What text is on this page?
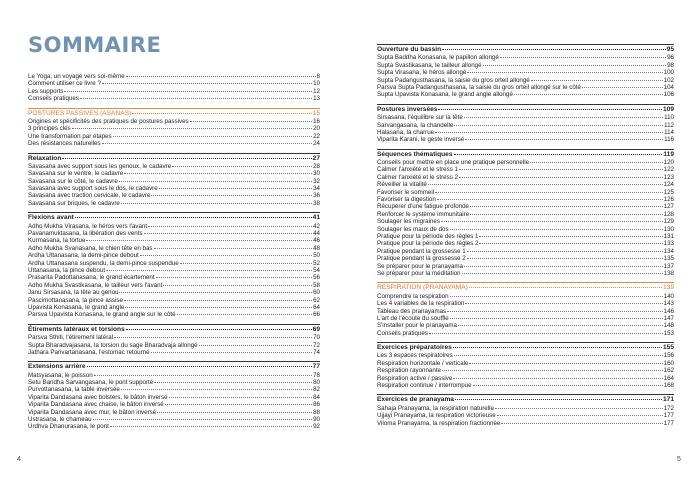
SOMMAIRE
Le Yoga, un voyage vers soi-même	8
Comment utiliser ce livre ?	10
Les supports	12
Conseils pratiques	13
POSTURES PASSIVES (ASANAS)	15
Origines et spécificités des pratiques de postures passives	16
3 principes clés	20
Une transformation par étapes	22
Des résistances naturelles	24
Relaxation	27
Savasana avec support sous les genoux, le cadavre	28
Savasana sur le ventre, le cadavre	30
Savasana sur le côté, le cadavre	32
Savasana avec support sous le dos, le cadavre	34
Savasana avec traction cervicale, le cadavre	36
Savasana sur briques, le cadavre	38
Flexions avant	41
Adho Mukha Virasana, le héros vers l'avant	42
Pavanamuktasana, la libération des vents	44
Kurmasana, la tortue	46
Adho Mukha Svanasana, le chien tête en bas	48
Ardha Uttanasana, la demi-pince debout	50
Ardha Uttanasana suspendu, la demi-pince suspendue	52
Uttanasana, la pince debout	54
Prasarita Padottanasana, le grand écartement	56
Adho Mukha Svastikasana, le tailleur vers l'avant	58
Janu Sirsasana, la tête au genou	60
Pascimottanasana, la pince assise	62
Upavista Konasana, le grand angle	64
Parsva Upavista Konasana, le grand angle sur le côté	66
Étirements latéraux et torsions	69
Parsva Sthiti, l'étirement latéral	70
Supta Bharadvajasana, la torsion du sage Bharadvaja allongé	72
Jathara Parivartanasana, l'estomac retourné	74
Extensions arrière	77
Matsyasana, le poisson	78
Setu Bandha Sarvangasana, le pont supporté	80
Purvottanasana, la table inversée	82
Viparita Dandasana avec bolsters, le bâton inversé	84
Viparita Dandasana avec chaise, le bâton inversé	86
Viparita Dandasana avec mur, le bâton inversé	88
Ustrasana, le chameau	90
Urdhva Dhanurasana, le pont	92
4
Ouverture du bassin	95
Supta Baddha Konasana, le papillon allongé	96
Supta Svastikasana, le tailleur allongé	98
Supta Virasana, le héros allongé	100
Supta Padangusthasana, la saisie du gros orteil allongé	102
Parsva Supta Padangusthasana, la saisie du gros orteil allongé sur le côté	104
Supta Upavista Konasana, le grand angle allongé	106
Postures inversées	109
Sirsasana, l'équilibre sur la tête	110
Sarvangasana, la chandelle	112
Halasana, la charrue	114
Viparita Karani, le geste inversé	116
Séquences thématiques	119
Conseils pour mettre en place une pratique personnelle	120
Calmer l'anxiété et le stress 1	122
Calmer l'anxiété et le stress 2	123
Réveiller la vitalité	124
Favoriser le sommeil	125
Favoriser la digestion	126
Récupérer d'une fatigue profonde	127
Renforcer le système immunitaire	128
Soulager les migraines	129
Soulager les maux de dos	130
Pratique pour la période des règles 1	131
Pratique pour la période des règles 2	133
Pratique pendant la grossesse 1	134
Pratique pendant la grossesse 2	135
Se préparer pour le pranayama	137
Se préparer pour la méditation	138
RESPIRATION (PRANAYAMA)	139
Comprendre la respiration	140
Les 4 variables de la respiration	143
Tableau des pranayamas	146
L'art de l'écoute du souffle	147
S'installer pour le pranayama	148
Conseils pratiques	153
Exercices préparatoires	155
Les 3 espaces respiratoires	156
Respiration horizontale / verticale	160
Respiration rayonnante	162
Respiration active / passive	164
Respiration continue / interrompue	168
Exercices de pranayama	171
Sahaja Pranayama, la respiration naturelle	172
Ujjayi Pranayama, la respiration victorieuse	177
Viloma Pranayama, la respiration fractionnée	177
5
